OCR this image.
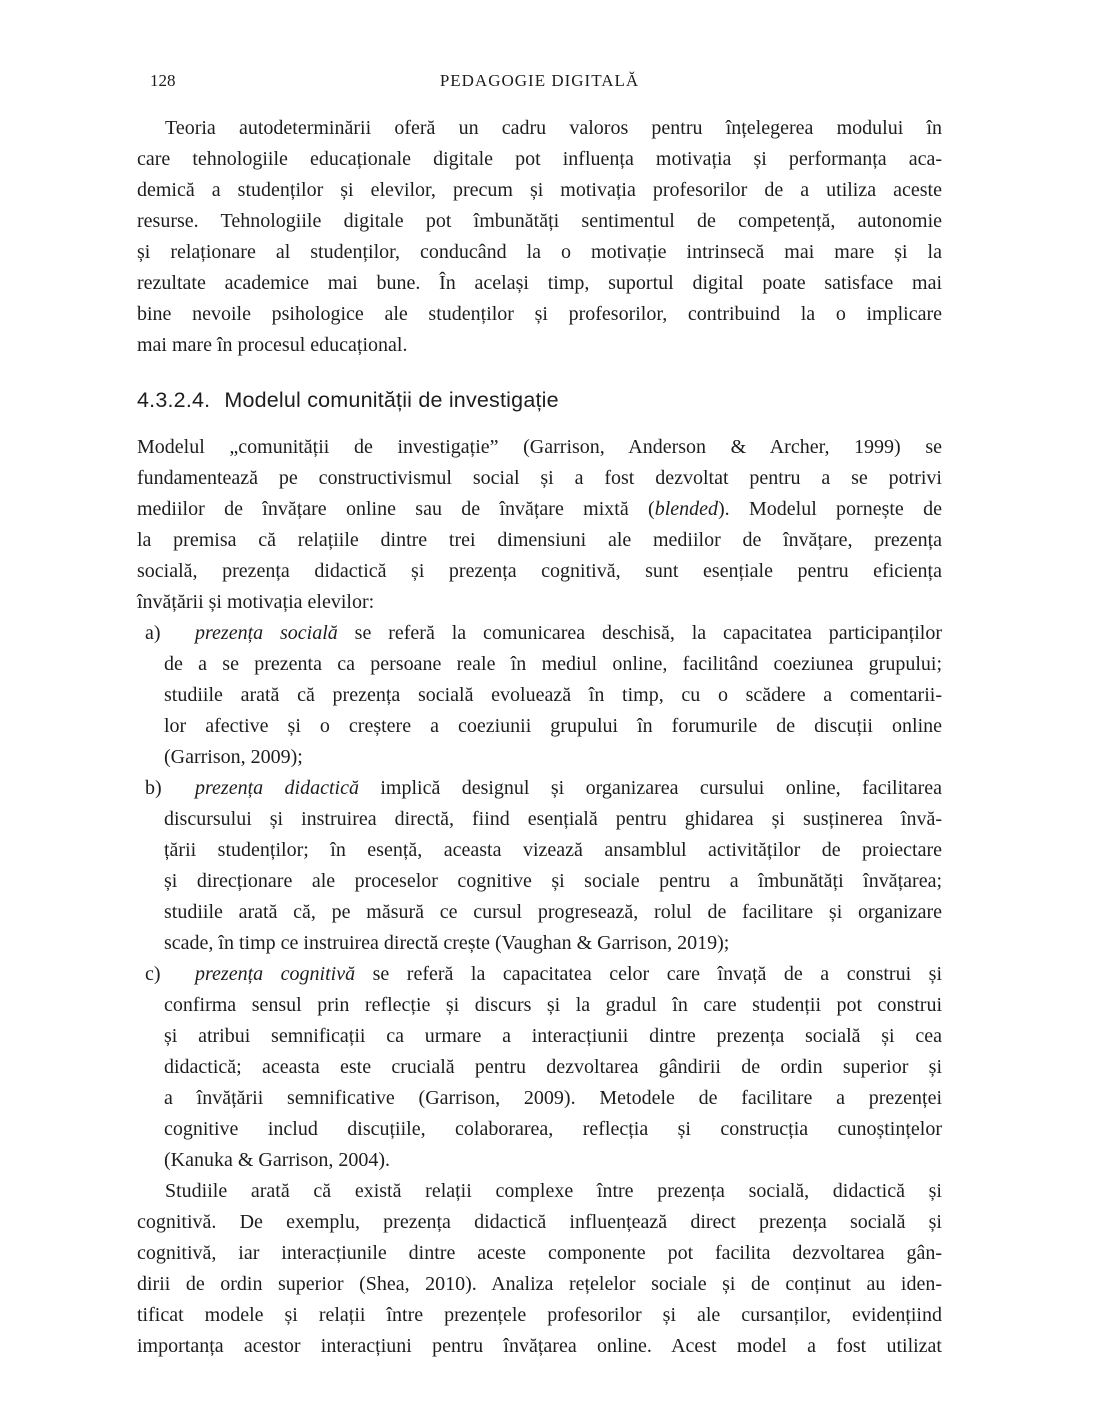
128	PEDAGOGIE DIGITALĂ
Teoria autodeterminării oferă un cadru valoros pentru înțelegerea modului în
care tehnologiile educaționale digitale pot influența motivația și performanța aca-
demică a studenților și elevilor, precum și motivația profesorilor de a utiliza aceste
resurse. Tehnologiile digitale pot îmbunătăți sentimentul de competență, autonomie
și relaționare al studenților, conducând la o motivație intrinsecă mai mare și la
rezultate academice mai bune. În același timp, suportul digital poate satisface mai
bine nevoile psihologice ale studenților și profesorilor, contribuind la o implicare
mai mare în procesul educațional.
4.3.2.4. Modelul comunității de investigație
Modelul „comunității de investigație” (Garrison, Anderson & Archer, 1999) se
fundamentează pe constructivismul social și a fost dezvoltat pentru a se potrivi
mediilor de învățare online sau de învățare mixtă (blended). Modelul pornește de
la premisa că relațiile dintre trei dimensiuni ale mediilor de învățare, prezența
socială, prezența didactică și prezența cognitivă, sunt esențiale pentru eficiența
învățării și motivația elevilor:
a)	prezența socială se referă la comunicarea deschisă, la capacitatea participanților
de a se prezenta ca persoane reale în mediul online, facilitând coeziunea grupului;
studiile arată că prezența socială evoluează în timp, cu o scădere a comentarii-
lor afective și o creștere a coeziunii grupului în forumurile de discuții online
(Garrison, 2009);
b)	prezența didactică implică designul și organizarea cursului online, facilitarea
discursului și instruirea directă, fiind esențială pentru ghidarea și susținerea învă-
țării studenților; în esență, aceasta vizează ansamblul activităților de proiectare
și direcționare ale proceselor cognitive și sociale pentru a îmbunătăți învățarea;
studiile arată că, pe măsură ce cursul progresează, rolul de facilitare și organizare
scade, în timp ce instruirea directă crește (Vaughan & Garrison, 2019);
c)	prezența cognitivă se referă la capacitatea celor care învață de a construi și
confirma sensul prin reflecție și discurs și la gradul în care studenții pot construi
și atribui semnificații ca urmare a interacțiunii dintre prezența socială și cea
didactică; aceasta este crucială pentru dezvoltarea gândirii de ordin superior și
a învățării semnificative (Garrison, 2009). Metodele de facilitare a prezenței
cognitive includ discuțiile, colaborarea, reflecția și construcția cunoștințelor
(Kanuka & Garrison, 2004).
Studiile arată că există relații complexe între prezența socială, didactică și
cognitivă. De exemplu, prezența didactică influențează direct prezența socială și
cognitivă, iar interacțiunile dintre aceste componente pot facilita dezvoltarea gân-
dirii de ordin superior (Shea, 2010). Analiza rețelelor sociale și de conținut au iden-
tificat modele și relații între prezențele profesorilor și ale cursanților, evidențiind
importanța acestor interacțiuni pentru învățarea online. Acest model a fost utilizat
